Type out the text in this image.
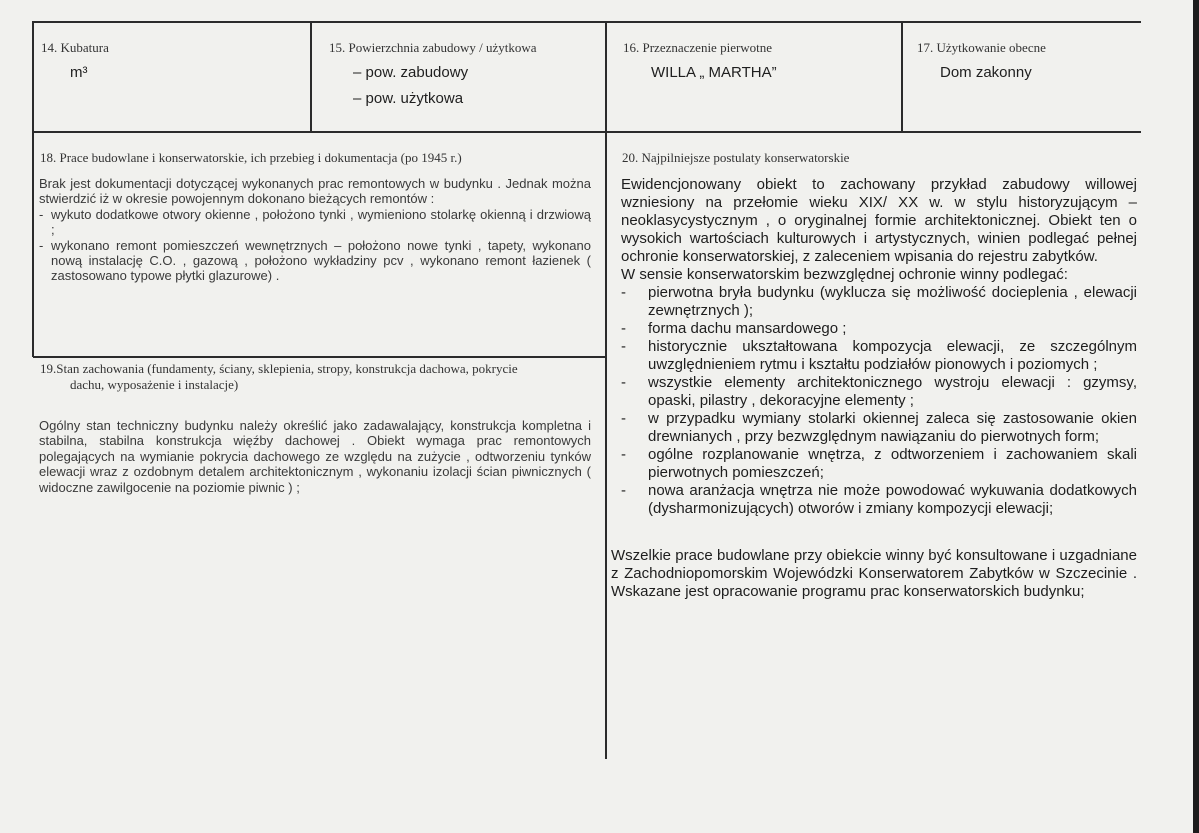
14. Kubatura
m³
15. Powierzchnia zabudowy / użytkowa
– pow. zabudowy
– pow. użytkowa
16. Przeznaczenie pierwotne
WILLA „ MARTHA”
17. Użytkowanie obecne
Dom zakonny
18. Prace budowlane i konserwatorskie, ich przebieg i dokumentacja (po 1945 r.)

Brak jest dokumentacji dotyczącej wykonanych prac remontowych w budynku . Jednak można stwierdzić iż w okresie powojennym dokonano bieżących remontów :

- wykuto dodatkowe otwory okienne , położono tynki , wymieniono stolarkę okienną i drzwiową ;
- wykonano remont pomieszczeń wewnętrznych – położono nowe tynki , tapety, wykonano nową instalację C.O. , gazową , położono wykładziny pcv , wykonano remont łazienek ( zastosowano typowe płytki glazurowe) .
19.Stan zachowania (fundamenty, ściany, sklepienia, stropy, konstrukcja dachowa, pokrycie
dachu, wyposażenie i instalacje)

Ogólny stan techniczny budynku należy określić jako zadawalający, konstrukcja kompletna i stabilna, stabilna konstrukcja więźby dachowej . Obiekt wymaga prac remontowych polegających na wymianie pokrycia dachowego ze względu na zużycie , odtworzeniu tynków elewacji wraz z ozdobnym detalem architektonicznym , wykonaniu izolacji ścian piwnicznych ( widoczne zawilgocenie na poziomie piwnic ) ;

20. Najpilniejsze postulaty konserwatorskie

Ewidencjonowany obiekt to zachowany przykład zabudowy willowej wzniesiony na przełomie wieku XIX/ XX w. w stylu historyzującym – neoklasycystycznym , o oryginalnej formie architektonicznej. Obiekt ten o wysokich wartościach kulturowych i artystycznych, winien podlegać pełnej ochronie konserwatorskiej, z zaleceniem wpisania do rejestru zabytków.

W sensie konserwatorskim bezwzględnej ochronie winny podlegać:

- pierwotna bryła budynku (wyklucza się możliwość docieplenia , elewacji zewnętrznych );
- forma dachu mansardowego ;
- historycznie ukształtowana kompozycja elewacji, ze szczególnym uwzględnieniem rytmu i kształtu podziałów pionowych i poziomych ;
- wszystkie elementy architektonicznego wystroju elewacji : gzymsy, opaski, pilastry , dekoracyjne elementy ;
- w przypadku wymiany stolarki okiennej zaleca się zastosowanie okien drewnianych , przy bezwzględnym nawiązaniu do pierwotnych form;
- ogólne rozplanowanie wnętrza, z odtworzeniem i zachowaniem skali pierwotnych pomieszczeń;
- nowa aranżacja wnętrza nie może powodować wykuwania dodatkowych (dysharmonizujących) otworów i zmiany kompozycji elewacji;

Wszelkie prace budowlane przy obiekcie winny być konsultowane i uzgadniane z Zachodniopomorskim Wojewódzki Konserwatorem Zabytków w Szczecinie . Wskazane jest opracowanie programu prac konserwatorskich budynku;
